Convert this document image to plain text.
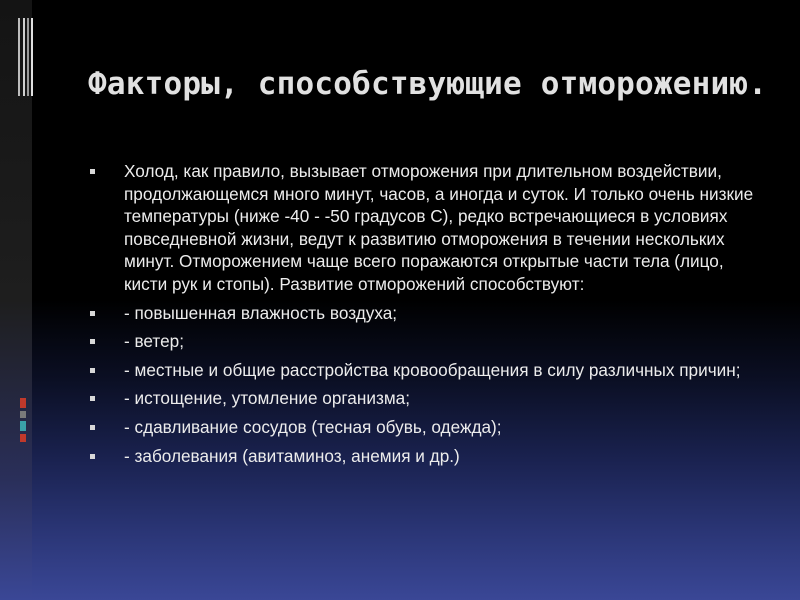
Факторы, способствующие отморожению.
Холод, как правило, вызывает отморожения при длительном воздействии, продолжающемся много минут, часов, а иногда и суток. И только очень низкие температуры (ниже -40 - -50 градусов С), редко встречающиеся в условиях повседневной жизни, ведут к развитию отморожения в течении нескольких минут. Отморожением чаще всего поражаются открытые части тела (лицо, кисти рук и стопы). Развитие отморожений способствуют:
- повышенная влажность воздуха;
- ветер;
- местные и общие расстройства кровообращения в силу различных причин;
- истощение, утомление организма;
- сдавливание сосудов (тесная обувь, одежда);
- заболевания (авитаминоз, анемия и др.)
